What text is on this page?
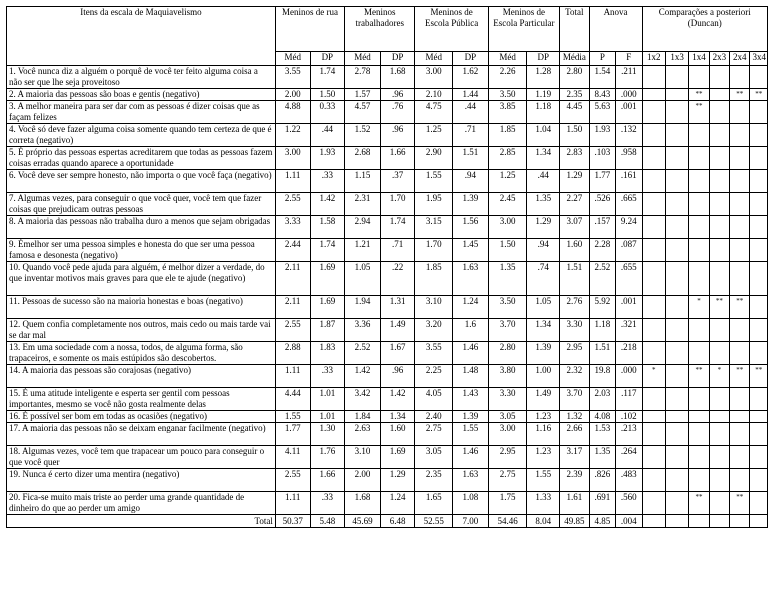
Itens da escala de Maquiavelismo	Meninos de rua		Meninos trabalhadores		Meninos de Escola Pública		Meninos de Escola Particular		Total	Anova		Comparações a posteriori (Duncan)					
	Méd	DP	Méd	DP	Méd	DP	Méd	DP	Média	P	F	1x2	1x3	1x4	2x3	2x4	3x4
1. Você nunca diz a alguém o porquê de você ter feito alguma coisa a não ser que lhe seja proveitoso	3.55	1.74	2.78	1.68	3.00	1.62	2.26	1.28	2.80	1.54	.211						
2. A maioria das pessoas são boas e gentis (negativo)	2.00	1.50	1.57	.96	2.10	1.44	3.50	1.19	2.35	8.43	.000			**		**	**
3. A melhor maneira para ser dar com as pessoas é dizer coisas que as façam felizes	4.88	0.33	4.57	.76	4.75	.44	3.85	1.18	4.45	5.63	.001			**			
4. Você só deve fazer alguma coisa somente quando tem certeza de que é correta (negativo)	1.22	.44	1.52	.96	1.25	.71	1.85	1.04	1.50	1.93	.132						
5. É próprio das pessoas espertas acreditarem que todas as pessoas fazem coisas erradas quando aparece a oportunidade	3.00	1.93	2.68	1.66	2.90	1.51	2.85	1.34	2.83	.103	.958						
6. Você deve ser sempre honesto, não importa o que você faça (negativo)	1.11	.33	1.15	.37	1.55	.94	1.25	.44	1.29	1.77	.161						
7. Algumas vezes, para conseguir o que você quer, você tem que fazer coisas que prejudicam outras pessoas	2.55	1.42	2.31	1.70	1.95	1.39	2.45	1.35	2.27	.526	.665						
8. A maioria das pessoas não trabalha duro a menos que sejam obrigadas	3.33	1.58	2.94	1.74	3.15	1.56	3.00	1.29	3.07	.157	9.24						
9. Émelhor ser uma pessoa simples e honesta do que ser uma pessoa famosa e desonesta (negativo)	2.44	1.74	1.21	.71	1.70	1.45	1.50	.94	1.60	2.28	.087						
10. Quando você pede ajuda para alguém, é melhor dizer a verdade, do que inventar motivos mais graves para que ele te ajude (negativo)	2.11	1.69	1.05	.22	1.85	1.63	1.35	.74	1.51	2.52	.655						
11. Pessoas de sucesso são na maioria honestas e boas (negativo)	2.11	1.69	1.94	1.31	3.10	1.24	3.50	1.05	2.76	5.92	.001			*	**	**	
12. Quem confia completamente nos outros, mais cedo ou mais tarde vai se dar mal	2.55	1.87	3.36	1.49	3.20	1.6	3.70	1.34	3.30	1.18	.321						
13. Em uma sociedade com a nossa, todos, de alguma forma, são trapaceiros, e somente os mais estúpidos são descobertos.	2.88	1.83	2.52	1.67	3.55	1.46	2.80	1.39	2.95	1.51	.218						
14. A maioria das pessoas são corajosas (negativo)	1.11	.33	1.42	.96	2.25	1.48	3.80	1.00	2.32	19.8	.000	*		**	*	**	**
15. É uma atitude inteligente e esperta ser gentil com pessoas importantes, mesmo se você não gosta realmente delas	4.44	1.01	3.42	1.42	4.05	1.43	3.30	1.49	3.70	2.03	.117						
16. É possível ser bom em todas as ocasiões (negativo)	1.55	1.01	1.84	1.34	2.40	1.39	3.05	1.23	1.32	4.08	.102						
17. A maioria das pessoas não se deixam enganar facilmente (negativo)	1.77	1.30	2.63	1.60	2.75	1.55	3.00	1.16	2.66	1.53	.213						
18. Algumas vezes, você tem que trapacear um pouco para conseguir o que você quer	4.11	1.76	3.10	1.69	3.05	1.46	2.95	1.23	3.17	1.35	.264						
19. Nunca é certo dizer uma mentira (negativo)	2.55	1.66	2.00	1.29	2.35	1.63	2.75	1.55	2.39	.826	.483						
20. Fica-se muito mais triste ao perder uma grande quantidade de dinheiro do que ao perder um amigo	1.11	.33	1.68	1.24	1.65	1.08	1.75	1.33	1.61	.691	.560			**		**	
Total	50.37	5.48	45.69	6.48	52.55	7.00	54.46	8.04	49.85	4.85	.004						
